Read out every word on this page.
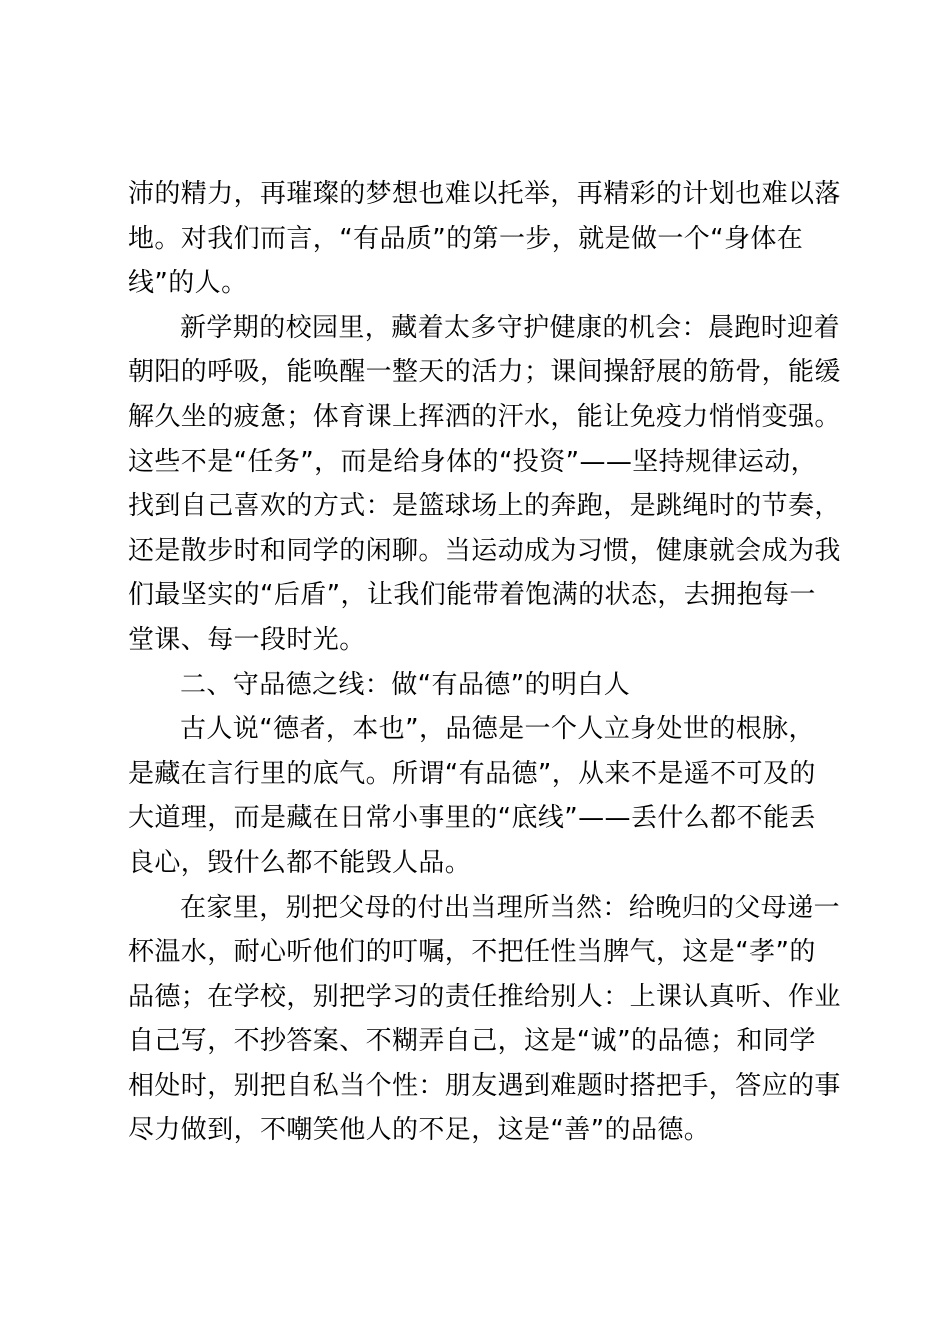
沛的精力，再璀璨的梦想也难以托举，再精彩的计划也难以落
地。对我们而言，“有品质”的第一步，就是做一个“身体在
线”的人。
新学期的校园里，藏着太多守护健康的机会：晨跑时迎着
朝阳的呼吸，能唤醒一整天的活力；课间操舒展的筋骨，能缓
解久坐的疲惫；体育课上挥洒的汗水，能让免疫力悄悄变强。
这些不是“任务”，而是给身体的“投资”——坚持规律运动，
找到自己喜欢的方式：是篮球场上的奔跑，是跳绳时的节奏，
还是散步时和同学的闲聊。当运动成为习惯，健康就会成为我
们最坚实的“后盾”，让我们能带着饱满的状态，去拥抱每一
堂课、每一段时光。
二、守品德之线：做“有品德”的明白人
古人说“德者，本也”，品德是一个人立身处世的根脉，
是藏在言行里的底气。所谓“有品德”，从来不是遥不可及的
大道理，而是藏在日常小事里的“底线”——丢什么都不能丢
良心，毁什么都不能毁人品。
在家里，别把父母的付出当理所当然：给晚归的父母递一
杯温水，耐心听他们的叮嘱，不把任性当脾气，这是“孝”的
品德；在学校，别把学习的责任推给别人：上课认真听、作业
自己写，不抄答案、不糊弄自己，这是“诚”的品德；和同学
相处时，别把自私当个性：朋友遇到难题时搭把手，答应的事
尽力做到，不嘲笑他人的不足，这是“善”的品德。
